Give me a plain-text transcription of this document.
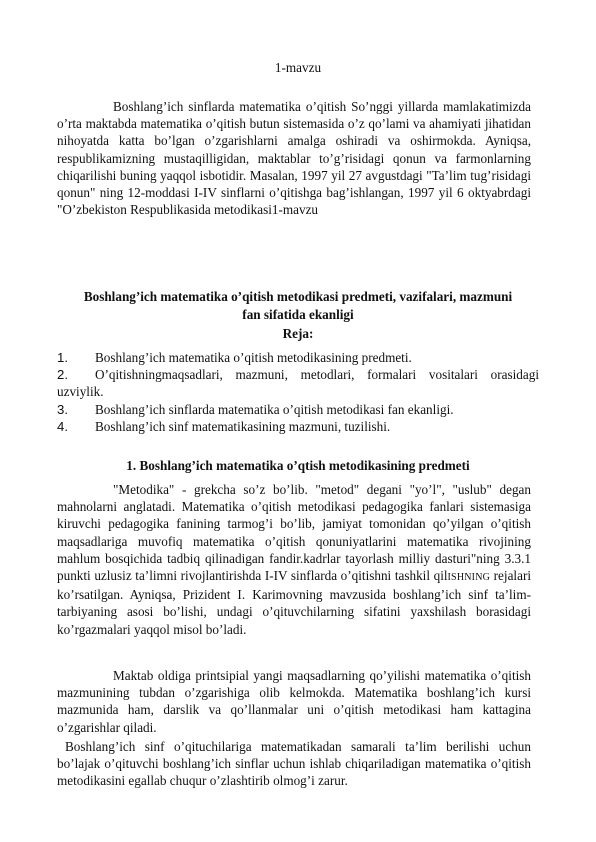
1-mavzu

Boshlang’ich sinflarda matematika o’qitish So’nggi yillarda mamlakatimizda o’rta maktabda matematika o’qitish butun sistemasida o’z qo’lami va ahamiyati jihatidan nihoyatda katta bo’lgan o’zgarishlarni amalga oshiradi va oshirmokda. Ayniqsa, respublikamizning mustaqilligidan, maktablar to’g’risidagi qonun va farmonlarning chiqarilishi buning yaqqol isbotidir. Masalan, 1997 yil 27 avgustdagi "Ta’lim tug’risidagi qonun" ning 12-moddasi I-IV sinflarni o’qitishga bag’ishlangan, 1997 yil 6 oktyabrdagi "O’zbekiston Respublikasida metodikasi1-mavzu

Boshlang’ich matematika o’qitish metodikasi predmeti, vazifalari, mazmuni
fan sifatida ekanligi
Reja:
1. Boshlang’ich matematika o’qitish metodikasining predmeti.
2. O’qitishningmaqsadlari, mazmuni, metodlari, formalari vositalari orasidagi uzviylik.
3. Boshlang’ich sinflarda matematika o’qitish metodikasi fan ekanligi.
4. Boshlang’ich sinf matematikasining mazmuni, tuzilishi.
1. Boshlang’ich matematika o’qtish metodikasining predmeti

"Metodika" - grekcha so’z bo’lib. "metod" degani "yo’l", "uslub" degan mahnolarni anglatadi. Matematika o’qitish metodikasi pedagogika fanlari sistemasiga kiruvchi pedagogika fanining tarmog’i bo’lib, jamiyat tomonidan qo’yilgan o’qitish maqsadlariga muvofiq matematika o’qitish qonuniyatlarini matematika rivojining mahlum bosqichida tadbiq qilinadigan fandir.kadrlar tayorlash milliy dasturi"ning 3.3.1 punkti uzlusiz ta’limni rivojlantirishda I-IV sinflarda o’qitishni tashkil qilISHNING rejalari ko’rsatilgan. Ayniqsa, Prizident I. Karimovning mavzusida boshlang’ich sinf ta’lim-tarbiyaning asosi bo’lishi, undagi o’qituvchilarning sifatini yaxshilash borasidagi ko’rgazmalari yaqqol misol bo’ladi.

Maktab oldiga printsipial yangi maqsadlarning qo’yilishi matematika o’qitish mazmunining tubdan o’zgarishiga olib kelmokda. Matematika boshlang’ich kursi mazmunida ham, darslik va qo’llanmalar uni o’qitish metodikasi ham kattagina o’zgarishlar qiladi.

Boshlang’ich sinf o’qituchilariga matematikadan samarali ta’lim berilishi uchun bo’lajak o’qituvchi boshlang’ich sinflar uchun ishlab chiqariladigan matematika o’qitish metodikasini egallab chuqur o’zlashtirib olmog’i zarur.
